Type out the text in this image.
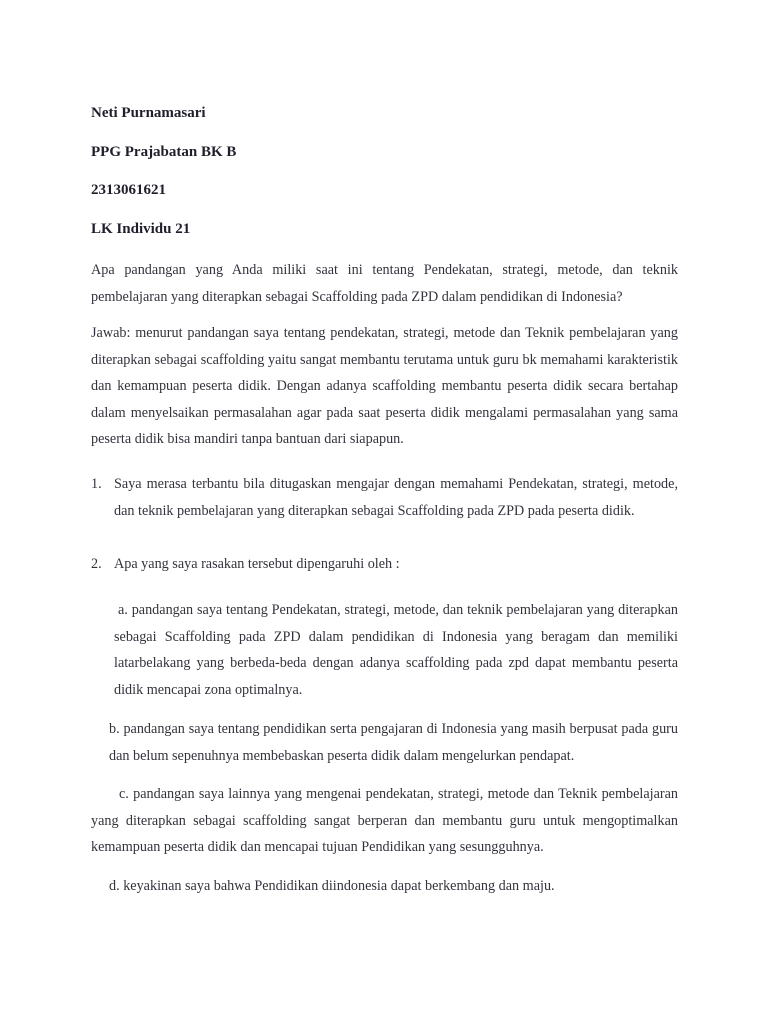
Neti Purnamasari
PPG Prajabatan BK B
2313061621
LK Individu 21
Apa pandangan yang Anda miliki saat ini tentang Pendekatan, strategi, metode, dan teknik pembelajaran yang diterapkan sebagai Scaffolding pada ZPD dalam pendidikan di Indonesia?
Jawab: menurut pandangan saya tentang pendekatan, strategi, metode dan Teknik pembelajaran yang diterapkan sebagai scaffolding yaitu sangat membantu terutama untuk guru bk memahami karakteristik dan kemampuan peserta didik. Dengan adanya scaffolding membantu peserta didik secara bertahap dalam menyelsaikan permasalahan agar pada saat peserta didik mengalami permasalahan yang sama peserta didik bisa mandiri tanpa bantuan dari siapapun.
1. Saya merasa terbantu bila ditugaskan mengajar dengan memahami Pendekatan, strategi, metode, dan teknik pembelajaran yang diterapkan sebagai Scaffolding pada ZPD pada peserta didik.
2. Apa yang saya rasakan tersebut dipengaruhi oleh :
a. pandangan saya tentang Pendekatan, strategi, metode, dan teknik pembelajaran yang diterapkan sebagai Scaffolding pada ZPD dalam pendidikan di Indonesia yang beragam dan memiliki latarbelakang yang berbeda-beda dengan adanya scaffolding pada zpd dapat membantu peserta didik mencapai zona optimalnya.
b. pandangan saya tentang pendidikan serta pengajaran di Indonesia yang masih berpusat pada guru dan belum sepenuhnya membebaskan peserta didik dalam mengelurkan pendapat.
c. pandangan saya lainnya yang mengenai pendekatan, strategi, metode dan Teknik pembelajaran yang diterapkan sebagai scaffolding sangat berperan dan membantu guru untuk mengoptimalkan kemampuan peserta didik dan mencapai tujuan Pendidikan yang sesungguhnya.
d. keyakinan saya bahwa Pendidikan diindonesia dapat berkembang dan maju.
